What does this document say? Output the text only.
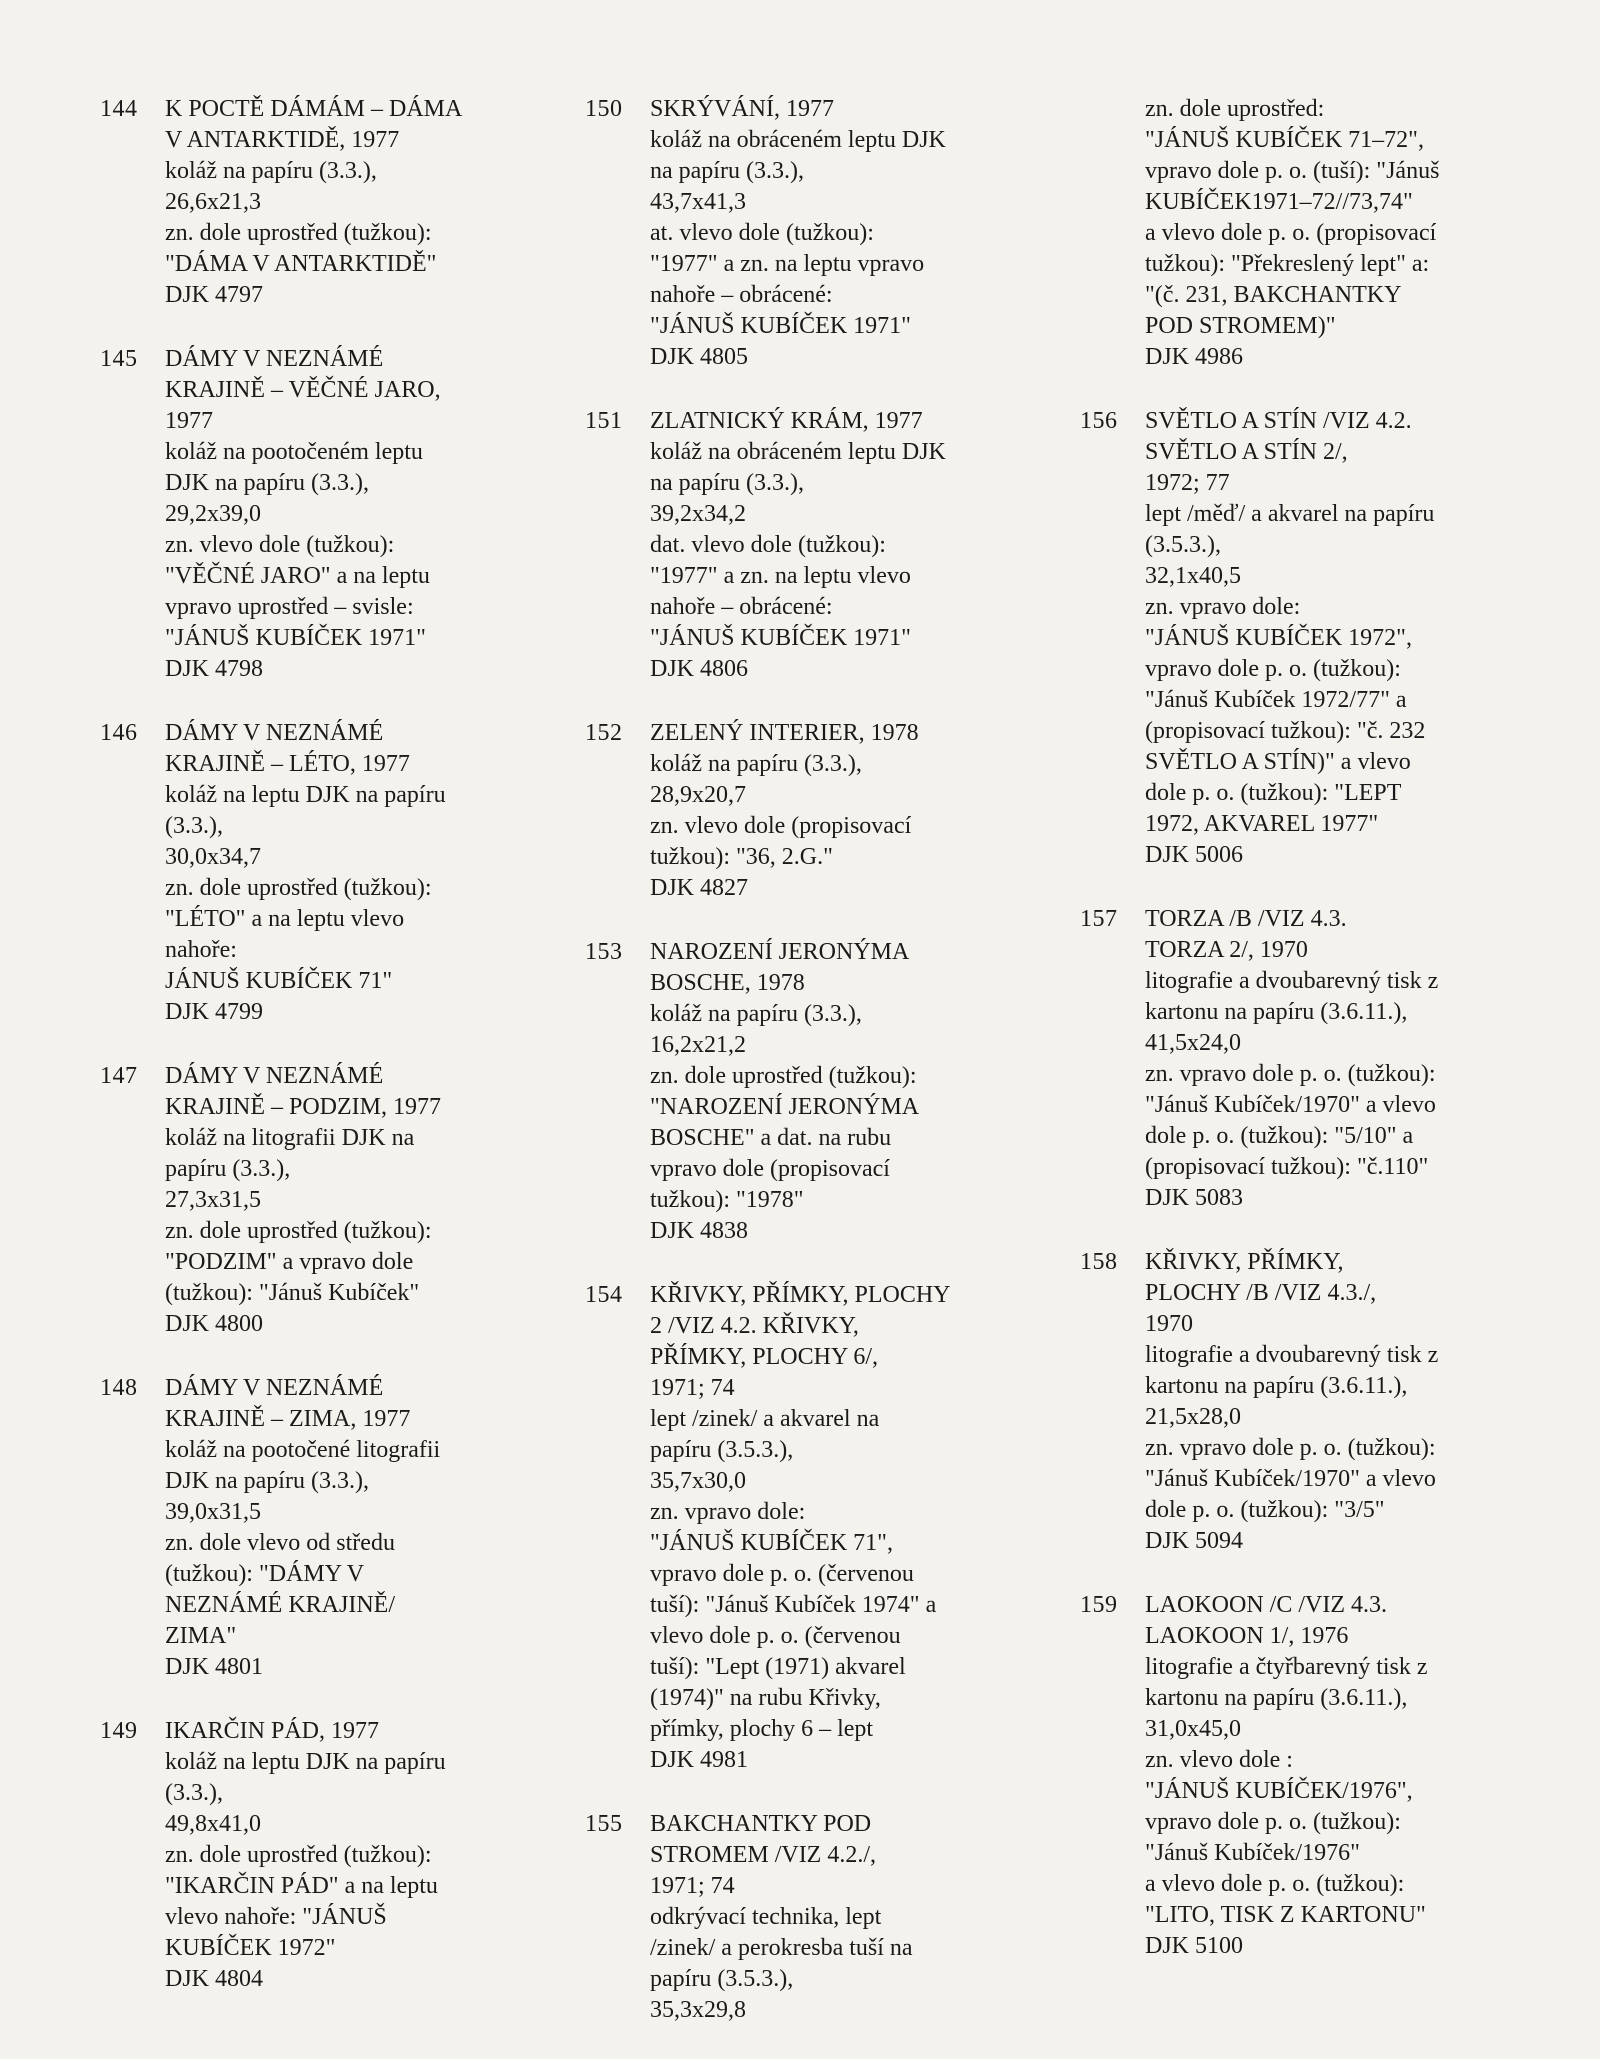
144	K POCTĚ DÁMÁM – DÁMA
V ANTARKTIDĚ, 1977
koláž na papíru (3.3.),
26,6x21,3
zn. dole uprostřed (tužkou):
"DÁMA V ANTARKTIDĚ"
DJK 4797
145	DÁMY V NEZNÁMÉ
KRAJINĚ – VĚČNÉ JARO,
1977
koláž na pootočeném leptu
DJK na papíru (3.3.),
29,2x39,0
zn. vlevo dole (tužkou):
"VĚČNÉ JARO" a na leptu
vpravo uprostřed – svisle:
"JÁNUŠ KUBÍČEK 1971"
DJK 4798
146	DÁMY V NEZNÁMÉ
KRAJINĚ – LÉTO, 1977
koláž na leptu DJK na papíru
(3.3.),
30,0x34,7
zn. dole uprostřed (tužkou):
"LÉTO" a na leptu vlevo
nahoře:
JÁNUŠ KUBÍČEK 71"
DJK 4799
147	DÁMY V NEZNÁMÉ
KRAJINĚ – PODZIM, 1977
koláž na litografii DJK na
papíru (3.3.),
27,3x31,5
zn. dole uprostřed (tužkou):
"PODZIM" a vpravo dole
(tužkou): "Jánuš Kubíček"
DJK 4800
148	DÁMY V NEZNÁMÉ
KRAJINĚ – ZIMA, 1977
koláž na pootočené litografii
DJK na papíru (3.3.),
39,0x31,5
zn. dole vlevo od středu
(tužkou): "DÁMY V
NEZNÁMÉ KRAJINĚ/
ZIMA"
DJK 4801
149	IKARČIN PÁD, 1977
koláž na leptu DJK na papíru
(3.3.),
49,8x41,0
zn. dole uprostřed (tužkou):
"IKARČIN PÁD" a na leptu
vlevo nahoře: "JÁNUŠ
KUBÍČEK 1972"
DJK 4804
150	SKRÝVÁNÍ, 1977
koláž na obráceném leptu DJK
na papíru (3.3.),
43,7x41,3
at. vlevo dole (tužkou):
"1977" a zn. na leptu vpravo
nahoře – obrácené:
"JÁNUŠ KUBÍČEK 1971"
DJK 4805
151	ZLATNICKÝ KRÁM, 1977
koláž na obráceném leptu DJK
na papíru (3.3.),
39,2x34,2
dat. vlevo dole (tužkou):
"1977" a zn. na leptu vlevo
nahoře – obrácené:
"JÁNUŠ KUBÍČEK 1971"
DJK 4806
152	ZELENÝ INTERIER, 1978
koláž na papíru (3.3.),
28,9x20,7
zn. vlevo dole (propisovací
tužkou): "36, 2.G."
DJK 4827
153	NAROZENÍ JERONÝMA
BOSCHE, 1978
koláž na papíru (3.3.),
16,2x21,2
zn. dole uprostřed (tužkou):
"NAROZENÍ JERONÝMA
BOSCHE" a dat. na rubu
vpravo dole (propisovací
tužkou): "1978"
DJK 4838
154	KŘIVKY, PŘÍMKY, PLOCHY
2 /VIZ 4.2. KŘIVKY,
PŘÍMKY, PLOCHY 6/,
1971; 74
lept /zinek/ a akvarel na
papíru (3.5.3.),
35,7x30,0
zn. vpravo dole:
"JÁNUŠ KUBÍČEK 71",
vpravo dole p. o. (červenou
tuší): "Jánuš Kubíček 1974" a
vlevo dole p. o. (červenou
tuší): "Lept (1971) akvarel
(1974)" na rubu Křivky,
přímky, plochy 6 – lept
DJK 4981
155	BAKCHANTKY POD
STROMEM /VIZ 4.2./,
1971; 74
odkrývací technika, lept
/zinek/ a perokresba tuší na
papíru (3.5.3.),
35,3x29,8
zn. dole uprostřed:
"JÁNUŠ KUBÍČEK 71–72",
vpravo dole p. o. (tuší): "Jánuš
KUBÍČEK1971–72//73,74"
a vlevo dole p. o. (propisovací
tužkou): "Překreslený lept" a:
"(č. 231, BAKCHANTKY
POD STROMEM)"
DJK 4986
156	SVĚTLO A STÍN /VIZ 4.2.
SVĚTLO A STÍN 2/,
1972; 77
lept /měď/ a akvarel na papíru
(3.5.3.),
32,1x40,5
zn. vpravo dole:
"JÁNUŠ KUBÍČEK 1972",
vpravo dole p. o. (tužkou):
"Jánuš Kubíček 1972/77" a
(propisovací tužkou): "č. 232
SVĚTLO A STÍN)" a vlevo
dole p. o. (tužkou): "LEPT
1972, AKVAREL 1977"
DJK 5006
157	TORZA /B /VIZ 4.3.
TORZA 2/, 1970
litografie a dvoubarevný tisk z
kartonu na papíru (3.6.11.),
41,5x24,0
zn. vpravo dole p. o. (tužkou):
"Jánuš Kubíček/1970" a vlevo
dole p. o. (tužkou): "5/10" a
(propisovací tužkou): "č.110"
DJK 5083
158	KŘIVKY, PŘÍMKY,
PLOCHY /B /VIZ 4.3./,
1970
litografie a dvoubarevný tisk z
kartonu na papíru (3.6.11.),
21,5x28,0
zn. vpravo dole p. o. (tužkou):
"Jánuš Kubíček/1970" a vlevo
dole p. o. (tužkou): "3/5"
DJK 5094
159	LAOKOON /C /VIZ 4.3.
LAOKOON 1/, 1976
litografie a čtyřbarevný tisk z
kartonu na papíru (3.6.11.),
31,0x45,0
zn. vlevo dole :
"JÁNUŠ KUBÍČEK/1976",
vpravo dole p. o. (tužkou):
"Jánuš Kubíček/1976"
a vlevo dole p. o. (tužkou):
"LITO, TISK Z KARTONU"
DJK 5100
